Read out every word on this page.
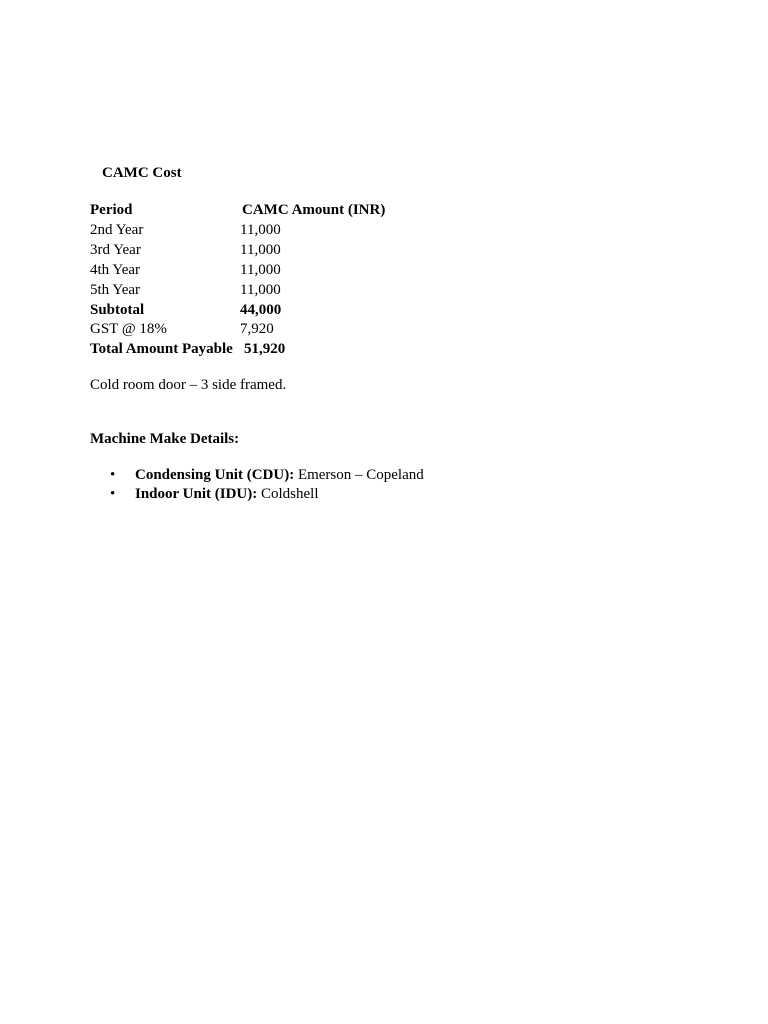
CAMC Cost
Period	CAMC Amount (INR)
2nd Year	11,000
3rd Year	11,000
4th Year	11,000
5th Year	11,000
Subtotal	44,000
GST @ 18%	7,920
Total Amount Payable 51,920
Cold room door – 3 side framed.
Machine Make Details:
• Condensing Unit (CDU): Emerson – Copeland
• Indoor Unit (IDU): Coldshell
